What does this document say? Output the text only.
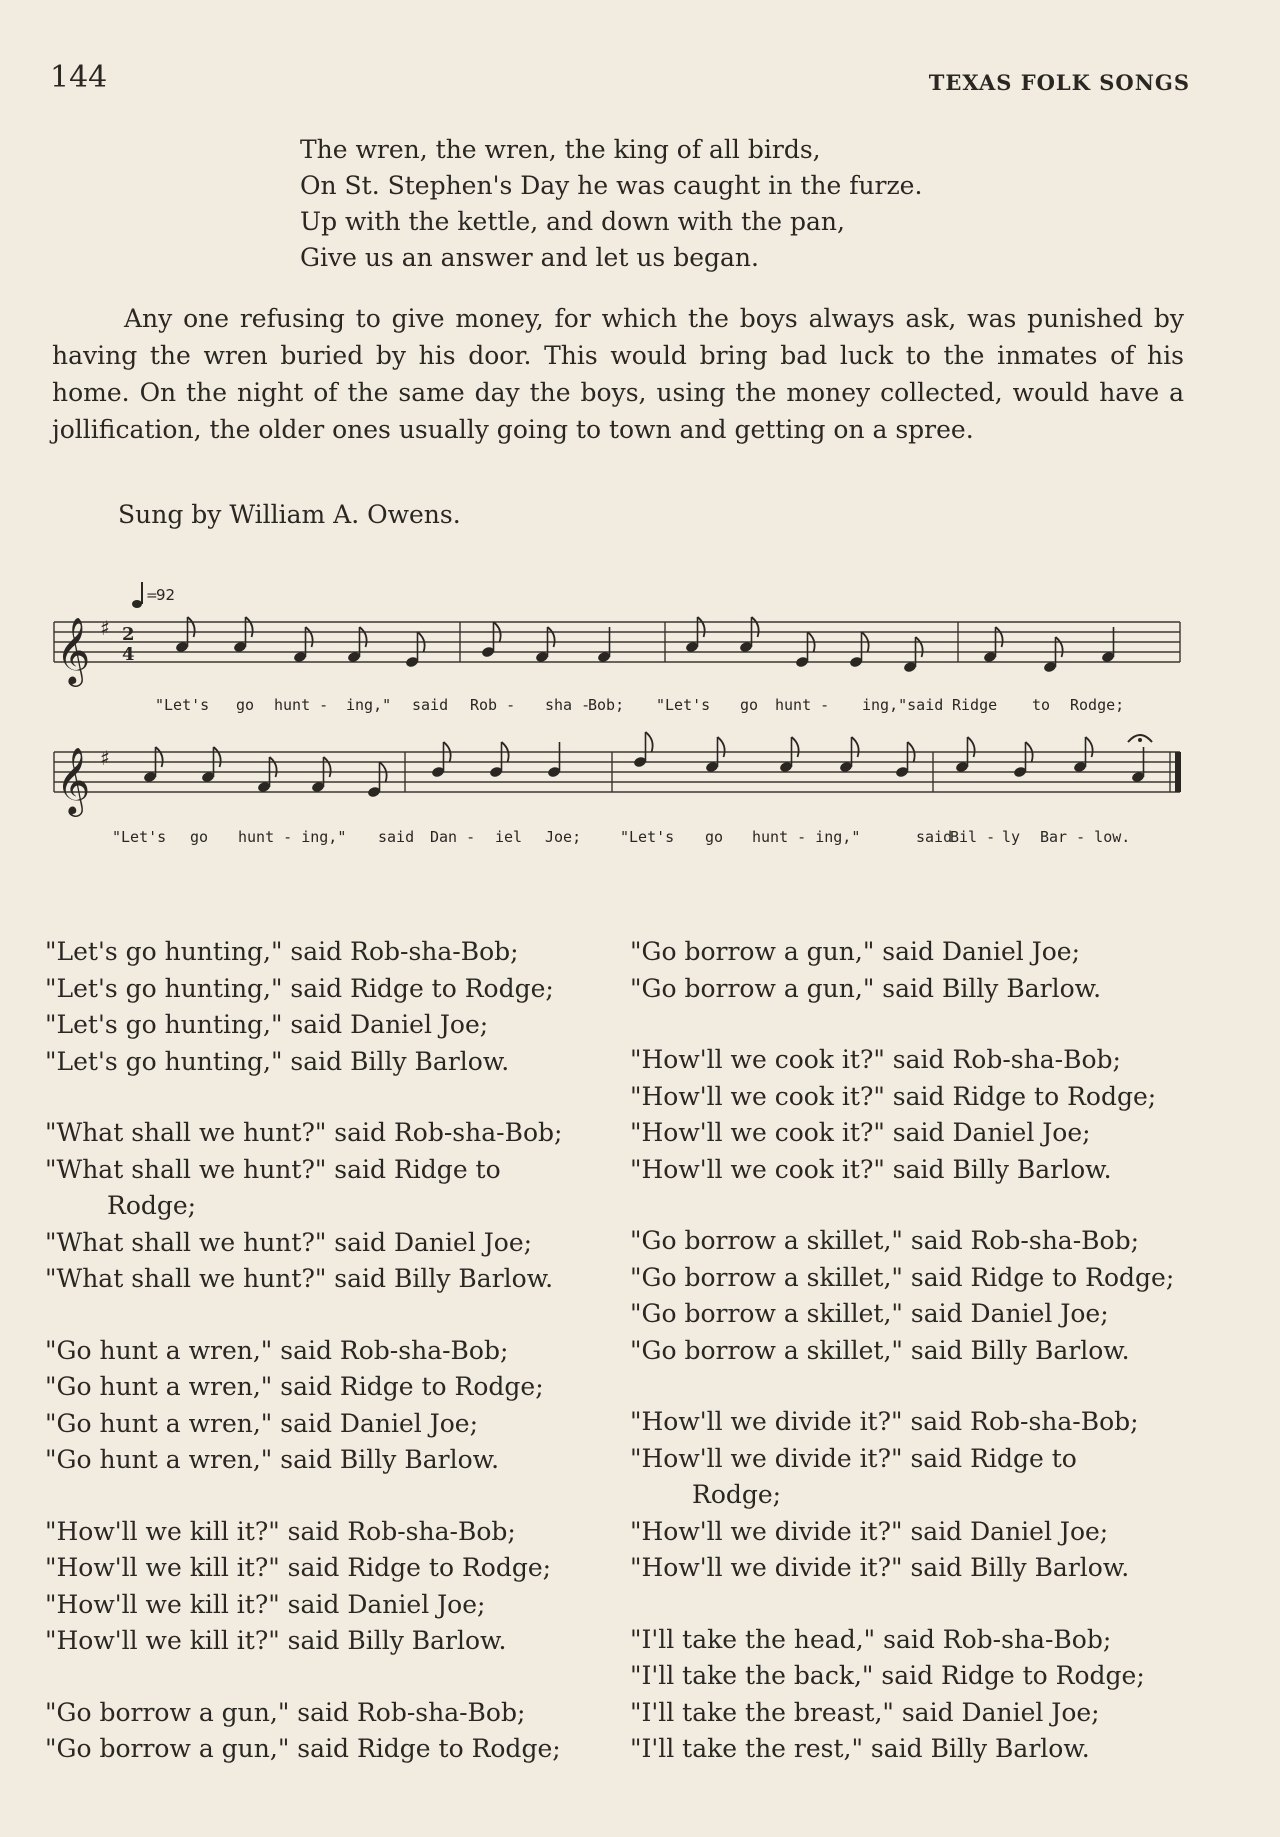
144	TEXAS FOLK SONGS
The wren, the wren, the king of all birds,
On St. Stephen's Day he was caught in the furze.
Up with the kettle, and down with the pan,
Give us an answer and let us began.

Any one refusing to give money, for which the boys always ask, was punished by having the wren buried by his door. This would bring bad luck to the inmates of his home. On the night of the same day the boys, using the money collected, would have a jollification, the older ones usually going to town and getting on a spree.

Sung by William A. Owens.
=
92
𝄞 ♯ 2
4
"Let's go hunt - ing," said Rob - sha -
Bob; "Let's go hunt - ing,"said Ridge to Rodge;
𝄞 ♯
"Let's go hunt - ing," said Dan - iel Joe;	"Let's go hunt - ing,"	said
Bil - ly Bar - low.
"Let's go hunting," said Rob-sha-Bob;
"Let's go hunting," said Ridge to Rodge;
"Let's go hunting," said Daniel Joe;
"Let's go hunting," said Billy Barlow.
"What shall we hunt?" said Rob-sha-Bob;
"What shall we hunt?" said Ridge to
Rodge;
"What shall we hunt?" said Daniel Joe;
"What shall we hunt?" said Billy Barlow.
"Go hunt a wren," said Rob-sha-Bob;
"Go hunt a wren," said Ridge to Rodge;
"Go hunt a wren," said Daniel Joe;
"Go hunt a wren," said Billy Barlow.
"How'll we kill it?" said Rob-sha-Bob;
"How'll we kill it?" said Ridge to Rodge;
"How'll we kill it?" said Daniel Joe;
"How'll we kill it?" said Billy Barlow.
"Go borrow a gun," said Rob-sha-Bob;
"Go borrow a gun," said Ridge to Rodge;
"Go borrow a gun," said Daniel Joe;
"Go borrow a gun," said Billy Barlow.
"How'll we cook it?" said Rob-sha-Bob;
"How'll we cook it?" said Ridge to Rodge;
"How'll we cook it?" said Daniel Joe;
"How'll we cook it?" said Billy Barlow.
"Go borrow a skillet," said Rob-sha-Bob;
"Go borrow a skillet," said Ridge to Rodge;
"Go borrow a skillet," said Daniel Joe;
"Go borrow a skillet," said Billy Barlow.
"How'll we divide it?" said Rob-sha-Bob;
"How'll we divide it?" said Ridge to
Rodge;
"How'll we divide it?" said Daniel Joe;
"How'll we divide it?" said Billy Barlow.
"I'll take the head," said Rob-sha-Bob;
"I'll take the back," said Ridge to Rodge;
"I'll take the breast," said Daniel Joe;
"I'll take the rest," said Billy Barlow.
